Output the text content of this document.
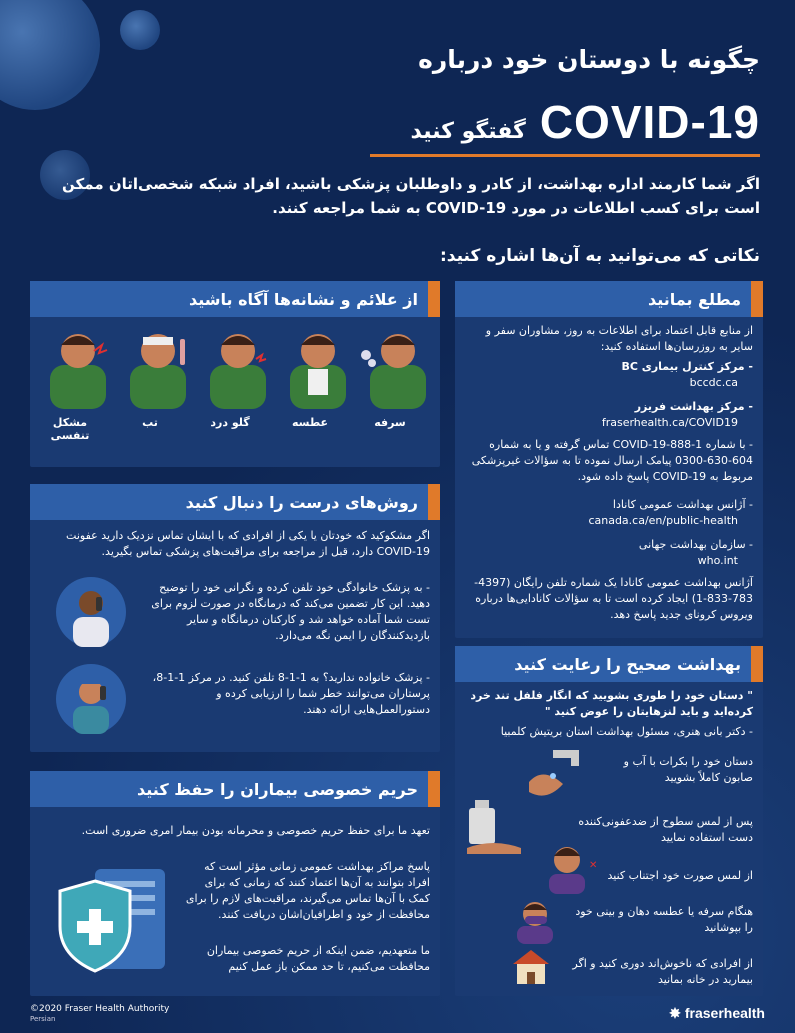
چگونه با دوستان خود درباره
COVID-19
گفتگو کنید
اگر شما کارمند اداره بهداشت، از کادر و داوطلبان پزشکی باشید، افراد شبکه شخصی‌اتان ممکن است برای کسب اطلاعات در مورد COVID-19 به شما مراجعه کنند.
نکاتی که می‌توانید به آن‌ها اشاره کنید:
مطلع بمانید
از منابع قابل اعتماد برای اطلاعات به روز، مشاوران سفر و سایر به روزرسان‌ها استفاده کنید:
- مرکز کنترل بیماری BC
bccdc.ca
- مرکز بهداشت فریزر
fraserhealth.ca/COVID19
- با شماره 1-888-COVID-19 تماس گرفته و یا به شماره 604-630-0300 پیامک ارسال نموده تا به سؤالات غیرپزشکی مربوط به COVID-19 پاسخ داده شود.
- آژانس بهداشت عمومی کانادا
canada.ca/en/public-health
- سازمان بهداشت جهانی
who.int
آژانس بهداشت عمومی کانادا یک شماره تلفن رایگان (4397-783-833-1) ایجاد کرده است تا به سؤالات کانادایی‌ها درباره ویروس کرونای جدید پاسخ دهد.
از علائم و نشانه‌ها آگاه باشید
مشکل تنفسی
تب	گلو درد	عطسه	سرفه
روش‌های درست را دنبال کنید
اگر مشکوکید که خودتان یا یکی از افرادی که با ایشان تماس نزدیک دارید عفونت COVID-19 دارد، قبل از مراجعه برای مراقبت‌های پزشکی تماس بگیرید.
- به پزشک خانوادگی خود تلفن کرده و نگرانی خود را توضیح دهید. این کار تضمین می‌کند که درمانگاه در صورت لزوم برای تست شما آماده خواهد شد و کارکنان درمانگاه و سایر بازدیدکنندگان را ایمن نگه می‌دارد.
- پزشک خانواده ندارید؟ به 1-1-8 تلفن کنید. در مرکز 1-1-8، پرستاران می‌توانند خطر شما را ارزیابی کرده و دستورالعمل‌هایی ارائه دهند.
حریم خصوصی بیماران را حفظ کنید
تعهد ما برای حفظ حریم خصوصی و محرمانه بودن بیمار امری ضروری است.
پاسخ مراکز بهداشت عمومی زمانی مؤثر است که افراد بتوانند به آن‌ها اعتماد کنند که زمانی که برای کمک با آن‌ها تماس می‌گیرند، مراقبت‌های لازم را برای محافظت از خود و اطرافیان‌اشان دریافت کنند.
ما متعهدیم، ضمن اینکه از حریم خصوصی بیماران محافظت می‌کنیم، تا حد ممکن باز عمل کنیم
بهداشت صحیح را رعایت کنید
" دستان خود را طوری بشویید که انگار فلفل تند خرد کرده‌اید و باید لنزهایتان را عوض کنید "
- دکتر بانی هنری، مسئول بهداشت استان بریتیش کلمبیا
دستان خود را بکرات با آب و صابون کاملاً بشویید
پس از لمس سطوح از ضدعفونی‌کننده دست استفاده نمایید
✕
از لمس صورت خود اجتناب کنید
هنگام سرفه یا عطسه دهان و بینی خود را بپوشانید
از افرادی که ناخوش‌اند دوری کنید و اگر بیمارید در خانه بمانید
©2020 Fraser Health Authority
Persian	✸ fraserhealth
